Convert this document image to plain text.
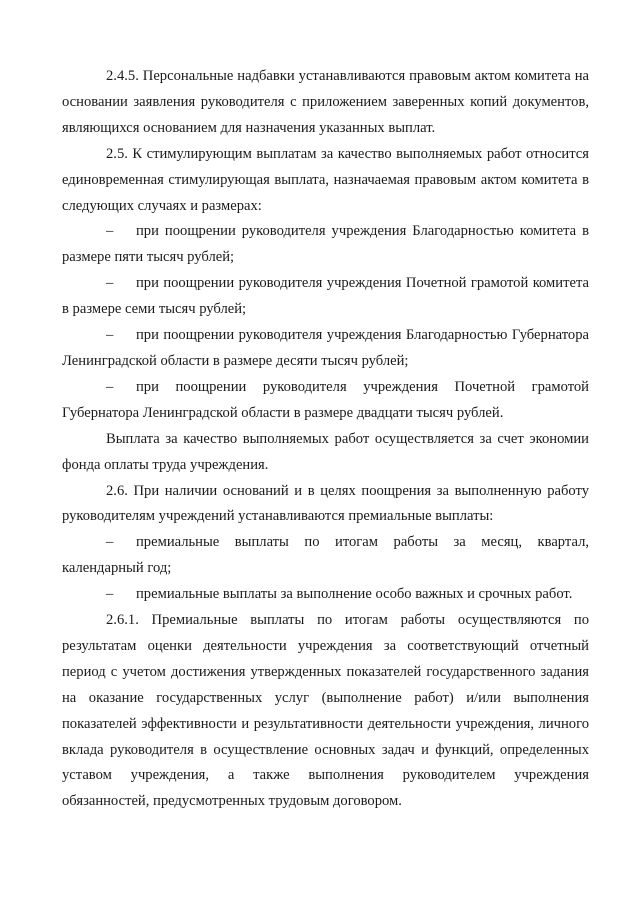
2.4.5. Персональные надбавки устанавливаются правовым актом комитета на основании заявления руководителя с приложением заверенных копий документов, являющихся основанием для назначения указанных выплат.

2.5. К стимулирующим выплатам за качество выполняемых работ относится единовременная стимулирующая выплата, назначаемая правовым актом комитета в следующих случаях и размерах:

– при поощрении руководителя учреждения Благодарностью комитета в размере пяти тысяч рублей;

– при поощрении руководителя учреждения Почетной грамотой комитета в размере семи тысяч рублей;

– при поощрении руководителя учреждения Благодарностью Губернатора Ленинградской области в размере десяти тысяч рублей;

– при поощрении руководителя учреждения Почетной грамотой Губернатора Ленинградской области в размере двадцати тысяч рублей.

Выплата за качество выполняемых работ осуществляется за счет экономии фонда оплаты труда учреждения.

2.6. При наличии оснований и в целях поощрения за выполненную работу руководителям учреждений устанавливаются премиальные выплаты:

– премиальные выплаты по итогам работы за месяц, квартал, календарный год;

– премиальные выплаты за выполнение особо важных и срочных работ.

2.6.1. Премиальные выплаты по итогам работы осуществляются по результатам оценки деятельности учреждения за соответствующий отчетный период с учетом достижения утвержденных показателей государственного задания на оказание государственных услуг (выполнение работ) и/или выполнения показателей эффективности и результативности деятельности учреждения, личного вклада руководителя в осуществление основных задач и функций, определенных уставом учреждения, а также выполнения руководителем учреждения обязанностей, предусмотренных трудовым договором.
